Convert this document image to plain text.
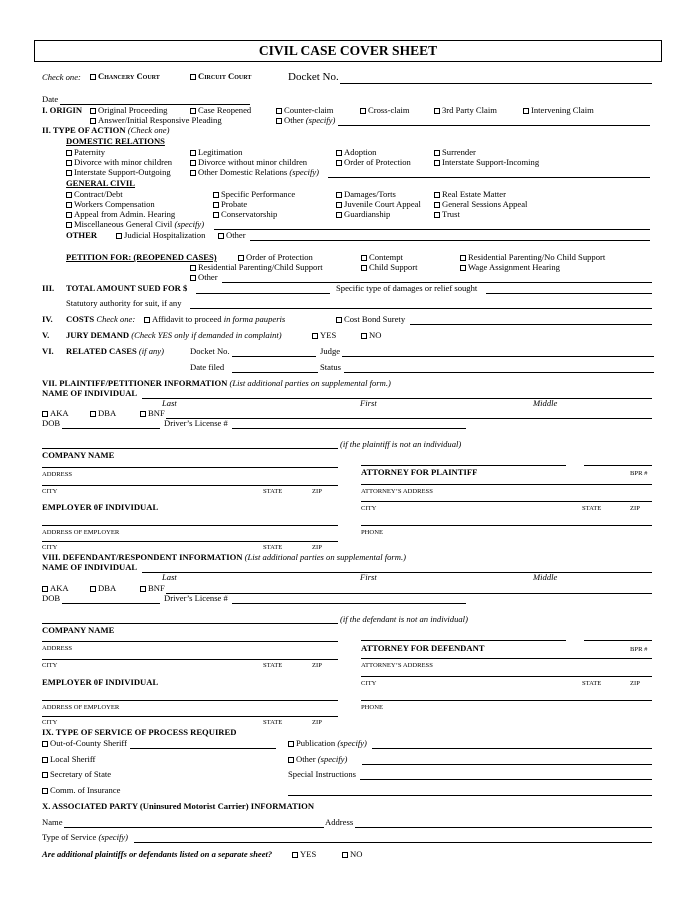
CIVIL CASE COVER SHEET
Check one:	Chancery Court	Circuit Court	Docket No.
Date
I. ORIGIN	Original Proceeding	Case Reopened	Counter-claim	Cross-claim	3rd Party Claim	Intervening Claim
Answer/Initial Responsive Pleading	Other (specify)
II. TYPE OF ACTION (Check one)
DOMESTIC RELATIONS
Paternity	Legitimation	Adoption	Surrender
Divorce with minor children	Divorce without minor children	Order of Protection	Interstate Support-Incoming
Interstate Support-Outgoing	Other Domestic Relations (specify)
GENERAL CIVIL
Contract/Debt	Specific Performance	Damages/Torts	Real Estate Matter
Workers Compensation	Probate	Juvenile Court Appeal	General Sessions Appeal
Appeal from Admin. Hearing	Conservatorship	Guardianship	Trust
Miscellaneous General Civil (specify)
OTHER	Judicial Hospitalization	Other
PETITION FOR: (REOPENED CASES)	Order of Protection	Contempt	Residential Parenting/No Child Support
Residential Parenting/Child Support	Child Support	Wage Assignment Hearing
Other
III. TOTAL AMOUNT SUED FOR $	Specific type of damages or relief sought
Statutory authority for suit, if any
IV. COSTS Check one:	Affidavit to proceed in forma pauperis	Cost Bond Surety
V. JURY DEMAND (Check YES only if demanded in complaint)	YES	NO
VI. RELATED CASES (if any)	Docket No.	Judge
Date filed	Status
VII. PLAINTIFF/PETITIONER INFORMATION (List additional parties on supplemental form.)
NAME OF INDIVIDUAL
Last	First	Middle
AKA	DBA	BNF
DOB	Driver’s License #
(if the plaintiff is not an individual)
COMPANY NAME
ADDRESS	ATTORNEY FOR PLAINTIFF	BPR #
CITY	STATE	ZIP	ATTORNEY’S ADDRESS
EMPLOYER 0F INDIVIDUAL	CITY	STATE	ZIP
ADDRESS OF EMPLOYER	PHONE
CITY	STATE	ZIP
VIII. DEFENDANT/RESPONDENT INFORMATION (List additional parties on supplemental form.)
NAME OF INDIVIDUAL
Last	First	Middle
AKA	DBA	BNF
DOB	Driver’s License #
(if the defendant is not an individual)
COMPANY NAME
ADDRESS	ATTORNEY FOR DEFENDANT	BPR #
CITY	STATE	ZIP	ATTORNEY’S ADDRESS
EMPLOYER 0F INDIVIDUAL	CITY	STATE	ZIP
ADDRESS OF EMPLOYER	PHONE
CITY	STATE	ZIP
IX. TYPE OF SERVICE OF PROCESS REQUIRED
Out-of-County Sheriff	Publication (specify)
Local Sheriff	Other (specify)
Secretary of State	Special Instructions
Comm. of Insurance
X. ASSOCIATED PARTY (Uninsured Motorist Carrier) INFORMATION
Name	Address
Type of Service (specify)
Are additional plaintiffs or defendants listed on a separate sheet?	YES	NO
